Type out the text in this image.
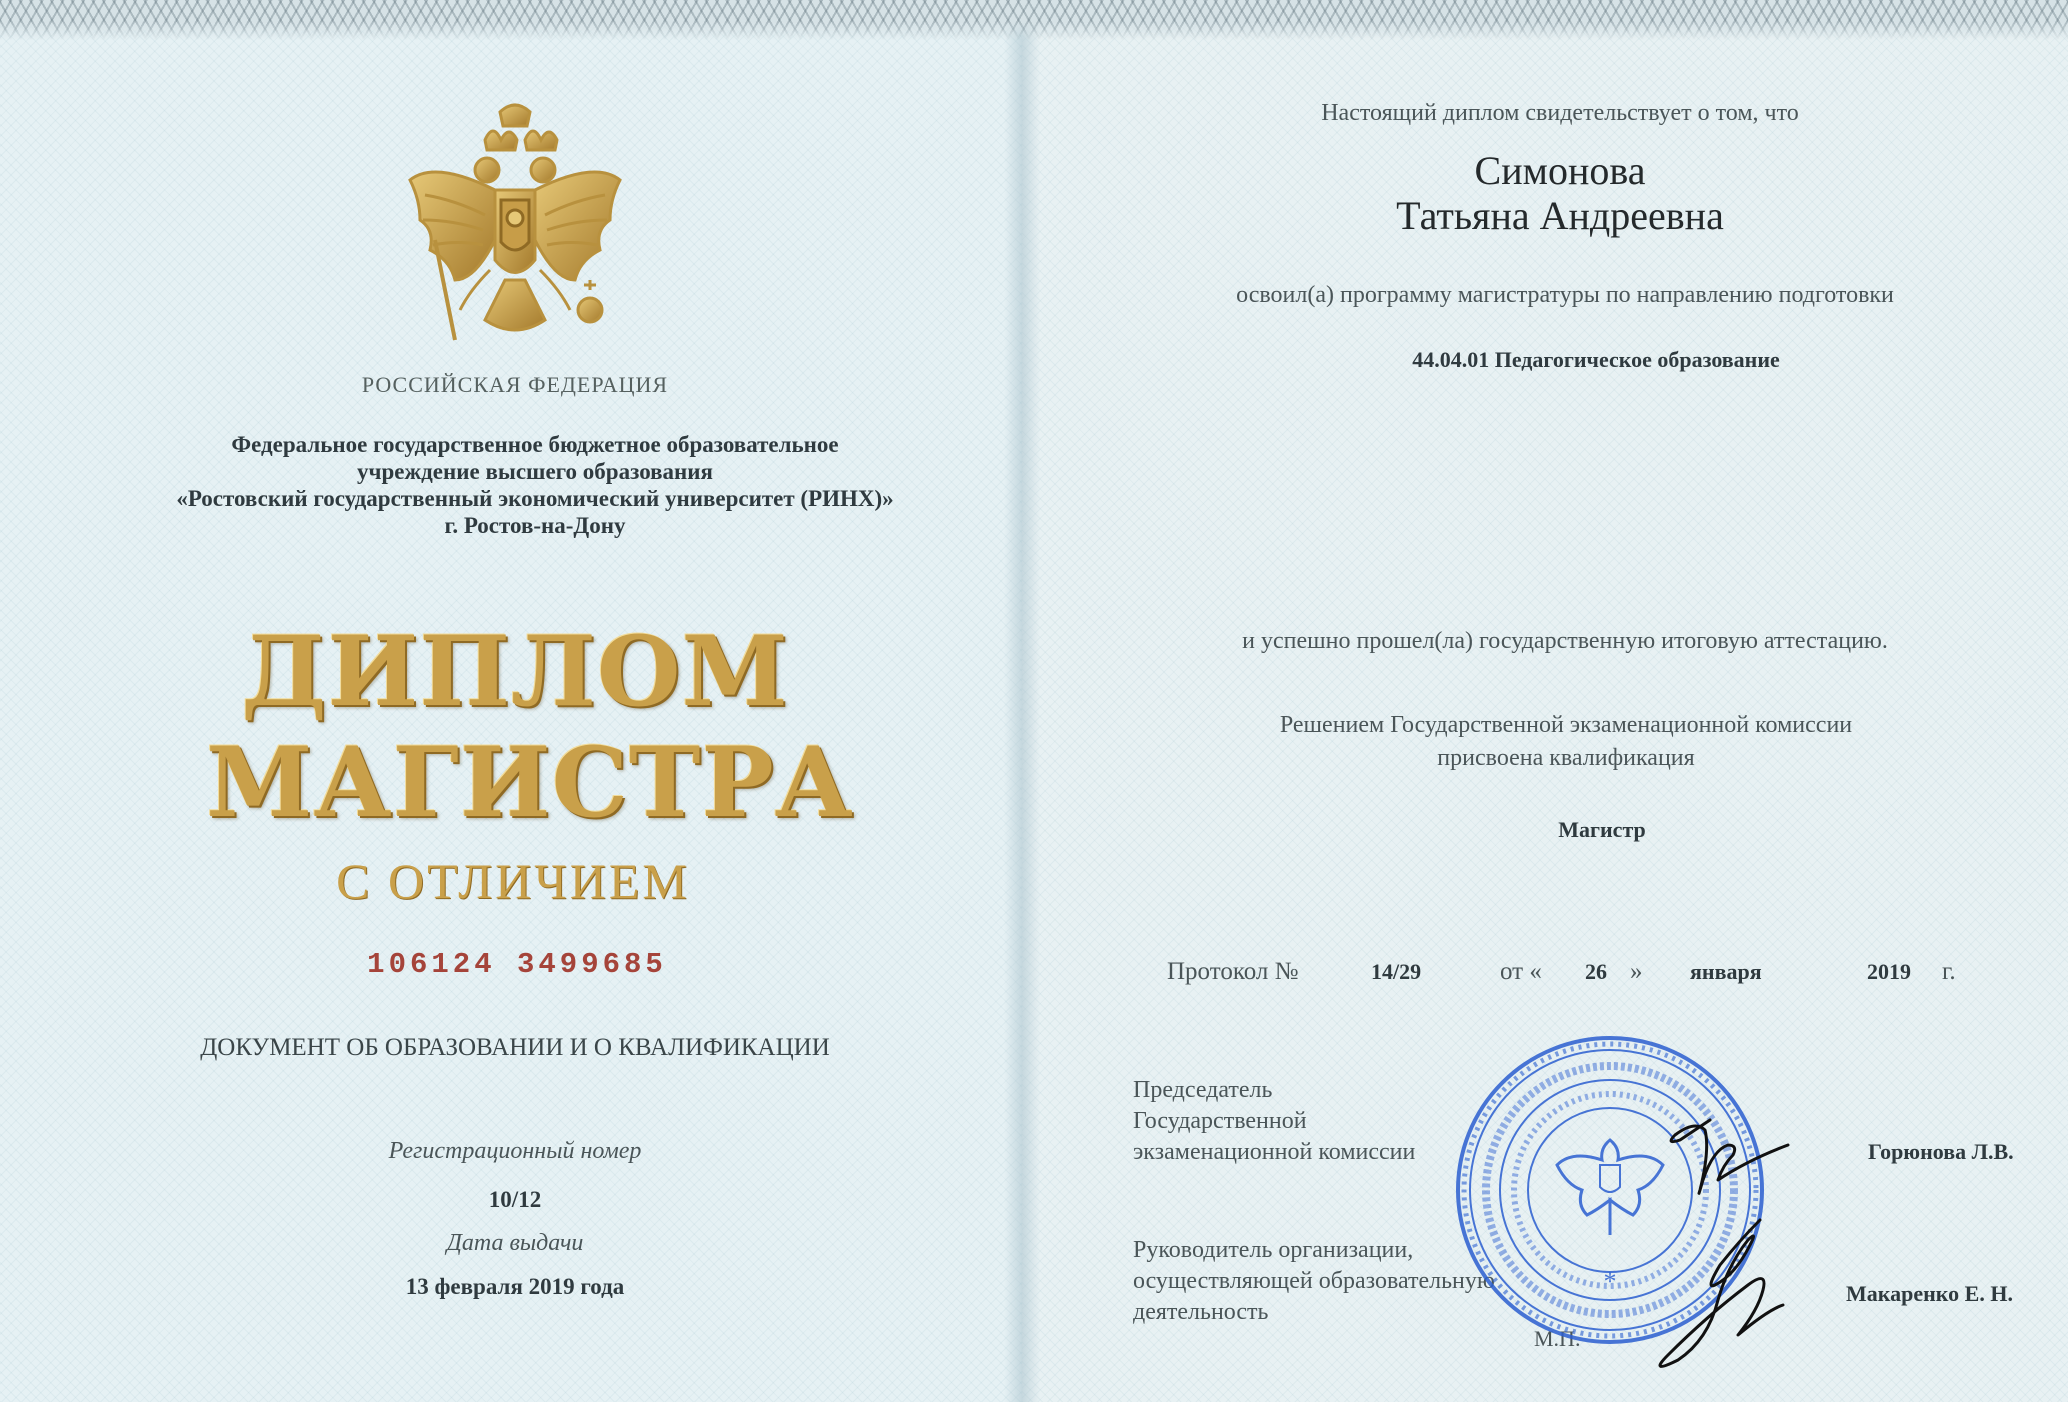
РОССИЙСКАЯ ФЕДЕРАЦИЯ

Федеральное государственное бюджетное образовательное

учреждение высшего образования

«Ростовский государственный экономический университет (РИНХ)»

г. Ростов-на-Дону

ДИПЛОМ

МАГИСТРА

С ОТЛИЧИЕМ

106124 3499685

ДОКУМЕНТ ОБ ОБРАЗОВАНИИ И О КВАЛИФИКАЦИИ

Регистрационный номер

10/12

Дата выдачи

13 февраля 2019 года

Настоящий диплом свидетельствует о том, что

Симонова

Татьяна Андреевна

освоил(а) программу магистратуры по направлению подготовки

44.04.01 Педагогическое образование

и успешно прошел(ла) государственную итоговую аттестацию.

Решением Государственной экзаменационной комиссии

присвоена квалификация

Магистр

Протокол №	14/29	от « 26 » января	2019 г.

Председатель

Государственной

экзаменационной комиссии	Горюнова Л.В.

Руководитель организации,

осуществляющей образовательную

деятельность

Макаренко Е. Н.

М.П.

*
